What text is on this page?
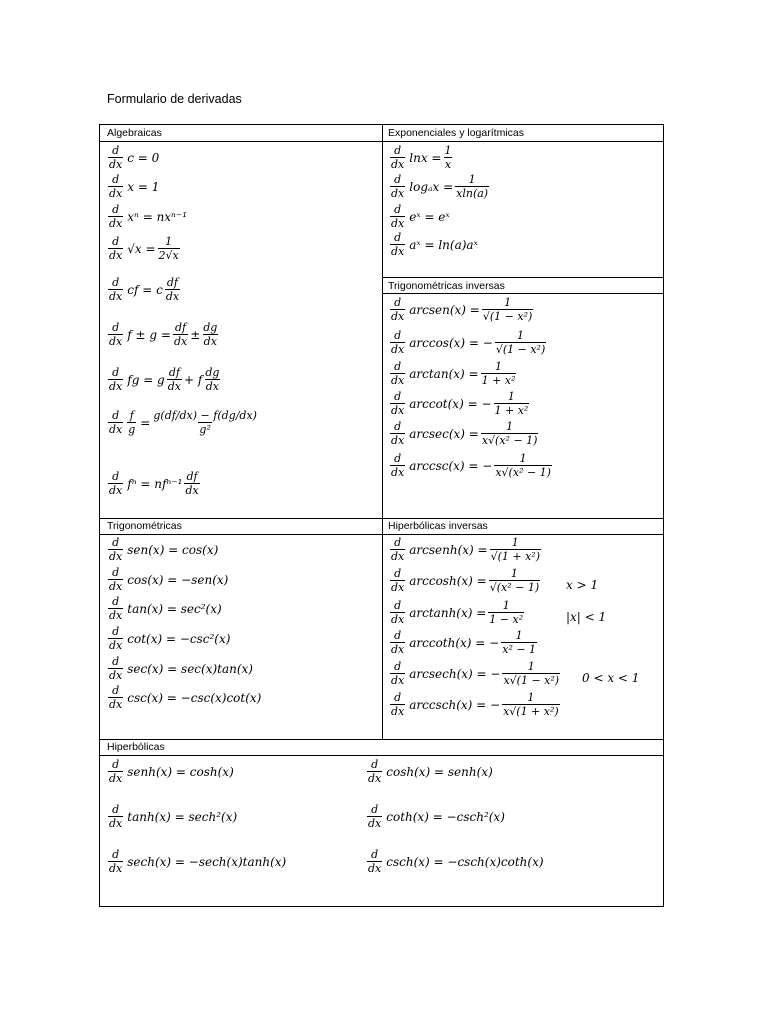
Formulario de derivadas
Algebraicas	Exponenciales y logarítmicas
Trigonométricas inversas
Trigonométricas	Hiperbólicas inversas
Hiperbólicas
$\frac{d}{dx}$ c = 0
$\frac{d}{dx}$ x = 1
$\frac{d}{dx}$ xⁿ = nxⁿ⁻¹
$\frac{d}{dx} √x = \frac{1}{2√x}$
$\frac{d}{dx}$ cf = c $\frac{df}{dx}$
$\frac{d}{dx}$ $f \pm g = \frac{df}{dx} \pm \frac{dg}{dx}$
$\frac{d}{dx}$ fg = g $\frac{df}{dx} + f \frac{dg}{dx}$
$\frac{d}{dx} \frac{f}{g} = \frac{g(df/dx) - f(dg/dx)}{\text{g²}}$
$\frac{d}{dx}$ $f^n = nf^{n-1} \frac{df}{dx}$
$\frac{d}{dx}$ $\ln x = \frac{1}{x}$
$\frac{d}{dx}$ $\log_ax = \frac{1}{xln(a)}$
$\frac{d}{dx}$ eˣ = eˣ
$\frac{d}{dx}$ aˣ = ln(a)aˣ
$\frac{d}{dx}$ arcsen(x) = $\frac{1}{\text{√(1 − x²)}}$
$\frac{d}{dx} \arccos(x)$ = − $\frac{1}{\text{√(1 − x²)}}$
$\frac{d}{dx} \arctan(x) = \frac{1}{\text{1 + x²}}$
$\frac{d}{dx} arccot(x)$ = − $\frac{1}{\text{1 + x²}}$
$\frac{d}{dx} arcsec(x) = \frac{1}{\text{x√(x² − 1)}}$
$\frac{d}{dx} arccsc(x)$ = − $\frac{1}{\text{x√(x² − 1)}}$
$\frac{d}{dx} sen(x) = \cos(x)$
$\frac{d}{dx} \cos(x) = -sen(x)$
$\frac{d}{dx} \tan(x) = \sec^2(x)$
$\frac{d}{dx} \cot(x) = -\csc^2(x)$
$\frac{d}{dx} \sec(x) = \sec(x)\tan(x)$
$\frac{d}{dx} \csc(x) = -\csc(x)\cot(x)$
$\frac{d}{dx}$ arcsenh(x) = $\frac{1}{\text{√(1 + x²)}}$
$\frac{d}{dx} \arccos h(x) = \frac{1}{\text{√(x² − 1)}}$ x > 1
$\frac{d}{dx} \arctan h(x) = \frac{1}{\text{1 − x²}}$	|x| < 1
$\frac{d}{dx} arccoth(x)$ = − $\frac{1}{\text{x² − 1}}$
$\frac{d}{dx} arcsech(x)$ = − $\frac{1}{\text{x√(1 − x²)}} 0 < x < 1$
$\frac{d}{dx} arccsch(x)$ = − $\frac{1}{\text{x√(1 + x²)}}$
$\frac{d}{dx}$ senh(x) = cosh(x)	$\frac{d}{dx} \cosh(x)$ = senh(x)
$\frac{d}{dx} \tanh(x) = \sec h^2(x)$	$\frac{d}{dx} \cot h(x) = -\csc h^2(x)$
$\frac{d}{dx} \sec h(x) = -\sec h(x)\tanh(x)$	$\frac{d}{dx} \csc h(x) = -\csc h(x)\cot h(x)$
